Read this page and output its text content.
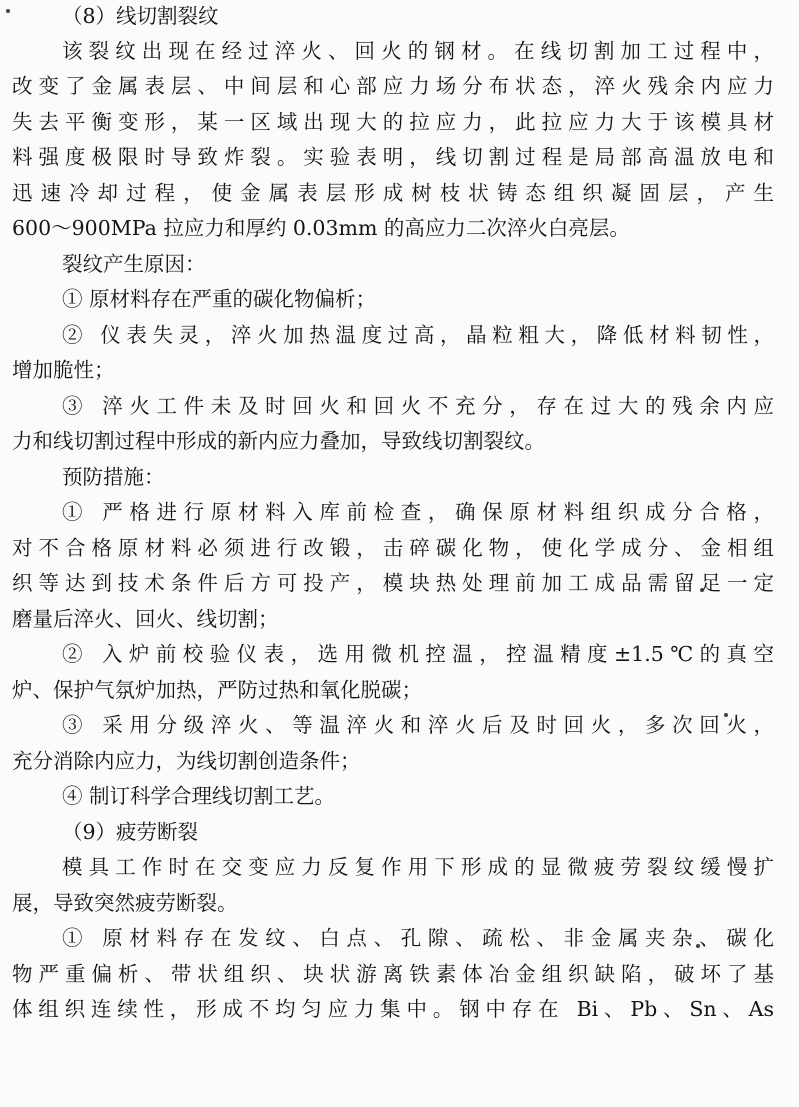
（8）线切割裂纹
该裂纹出现在经过淬火、回火的钢材。在线切割加工过程中，
改变了金属表层、中间层和心部应力场分布状态，淬火残余内应力
失去平衡变形，某一区域出现大的拉应力，此拉应力大于该模具材
料强度极限时导致炸裂。实验表明，线切割过程是局部高温放电和
迅速冷却过程，使金属表层形成树枝状铸态组织凝固层，产生
600～900MPa 拉应力和厚约 0.03mm 的高应力二次淬火白亮层。
裂纹产生原因：
① 原材料存在严重的碳化物偏析；
② 仪表失灵，淬火加热温度过高，晶粒粗大，降低材料韧性，
增加脆性；
③ 淬火工件未及时回火和回火不充分，存在过大的残余内应
力和线切割过程中形成的新内应力叠加，导致线切割裂纹。
预防措施：
① 严格进行原材料入库前检查，确保原材料组织成分合格，
对不合格原材料必须进行改锻，击碎碳化物，使化学成分、金相组
织等达到技术条件后方可投产，模块热处理前加工成品需留足一定
磨量后淬火、回火、线切割；
② 入炉前校验仪表，选用微机控温，控温精度±1.5℃的真空
炉、保护气氛炉加热，严防过热和氧化脱碳；
③ 采用分级淬火、等温淬火和淬火后及时回火，多次回火，
充分消除内应力，为线切割创造条件；
④ 制订科学合理线切割工艺。
（9）疲劳断裂
模具工作时在交变应力反复作用下形成的显微疲劳裂纹缓慢扩
展，导致突然疲劳断裂。
① 原材料存在发纹、白点、孔隙、疏松、非金属夹杂、碳化
物严重偏析、带状组织、块状游离铁素体冶金组织缺陷，破坏了基
体组织连续性，形成不均匀应力集中。钢中存在 Bi、Pb、Sn、As
